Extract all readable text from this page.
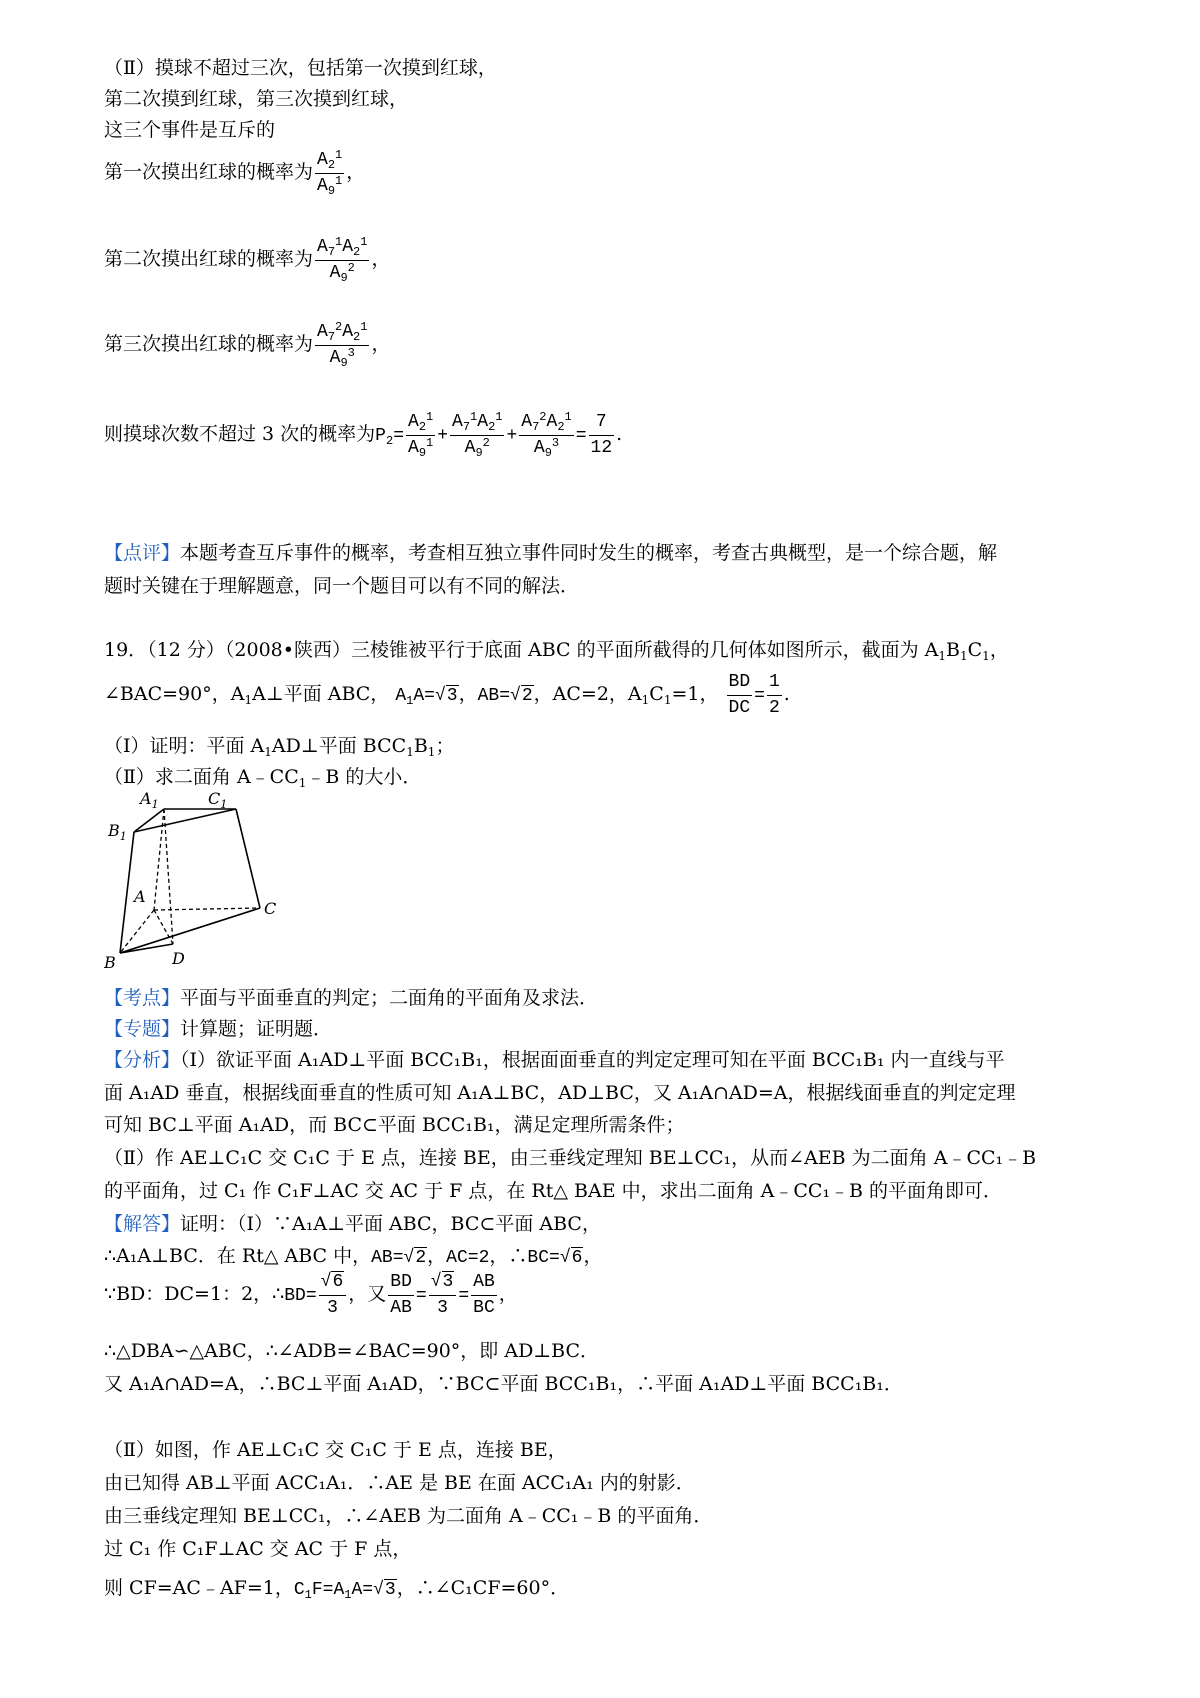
（Ⅱ）摸球不超过三次，包括第一次摸到红球，
第二次摸到红球，第三次摸到红球，
这三个事件是互斥的
第一次摸出红球的概率为 $\frac{A_2^1}{A_9^1}$ ，
第二次摸出红球的概率为 $\frac{A_7^1A_2^1}{A_9^2}$ ，
第三次摸出红球的概率为 $\frac{A_7^2A_2^1}{A_9^3}$ ，
则摸球次数不超过 3 次的概率为$P_2= \frac{A_2^1}{A_9^1} + \frac{A_7^1A_2^1}{A_9^2} + \frac{A_7^2A_2^1}{A_9^3} = \frac{7}{12}$ .
【点评】本题考查互斥事件的概率，考查相互独立事件同时发生的概率，考查古典概型，是一个综合题，解
题时关键在于理解题意，同一个题目可以有不同的解法．
19．（12 分）（2008•陕西）三棱锥被平行于底面 ABC 的平面所截得的几何体如图所示，截面为 $A_1B_1C_1$，
∠BAC=90°，$A_1A\perp$平面 ABC， $A_1A=√3$，AB=√2，AC=2，$A_1C_1=1$， $\frac{BD}{DC} = \frac{1}{2}$ .
（Ⅰ）证明：平面 $A_1AD\perp$平面 $BCC_1B_1$；
（Ⅱ）求二面角 $A﹣CC_1﹣B$ 的大小．
$A_1$	$C_1$
$B_1$
A
C
B	D
【考点】平面与平面垂直的判定；二面角的平面角及求法．
【专题】计算题；证明题．
【分析】（Ⅰ）欲证平面 A₁AD⊥平面 BCC₁B₁，根据面面垂直的判定定理可知在平面 BCC₁B₁ 内一直线与平
面 A₁AD 垂直，根据线面垂直的性质可知 A₁A⊥BC，AD⊥BC，又 A₁A∩AD=A，根据线面垂直的判定定理
可知 BC⊥平面 A₁AD，而 BC⊂平面 BCC₁B₁，满足定理所需条件；
（Ⅱ）作 AE⊥C₁C 交 C₁C 于 E 点，连接 BE，由三垂线定理知 BE⊥CC₁，从而∠AEB 为二面角 A﹣CC₁﹣B
的平面角，过 C₁ 作 C₁F⊥AC 交 AC 于 F 点，在 Rt△ BAE 中，求出二面角 A﹣CC₁﹣B 的平面角即可．
【解答】证明：（Ⅰ）∵A₁A⊥平面 ABC，BC⊂平面 ABC，
∴A₁A⊥BC．在 Rt△ ABC 中，AB=√2，AC=2，∴BC=√6，
∵BD：DC=1：2，∴BD= $\frac{√6}{3}$ ，又 $\frac{BD}{AB} = \frac{√3}{3} = \frac{AB}{BC}$ ，
∴△DBA∽△ABC，∴∠ADB=∠BAC=90°，即 AD⊥BC．
又 A₁A∩AD=A，∴BC⊥平面 A₁AD，∵BC⊂平面 BCC₁B₁，∴平面 A₁AD⊥平面 BCC₁B₁．
（Ⅱ）如图，作 AE⊥C₁C 交 C₁C 于 E 点，连接 BE，
由已知得 AB⊥平面 ACC₁A₁．∴AE 是 BE 在面 ACC₁A₁ 内的射影．
由三垂线定理知 BE⊥CC₁，∴∠AEB 为二面角 A﹣CC₁﹣B 的平面角．
过 C₁ 作 C₁F⊥AC 交 AC 于 F 点，
则 CF=AC﹣AF=1，$C_1F=A_1A=√3$，∴∠C₁CF=60°．
